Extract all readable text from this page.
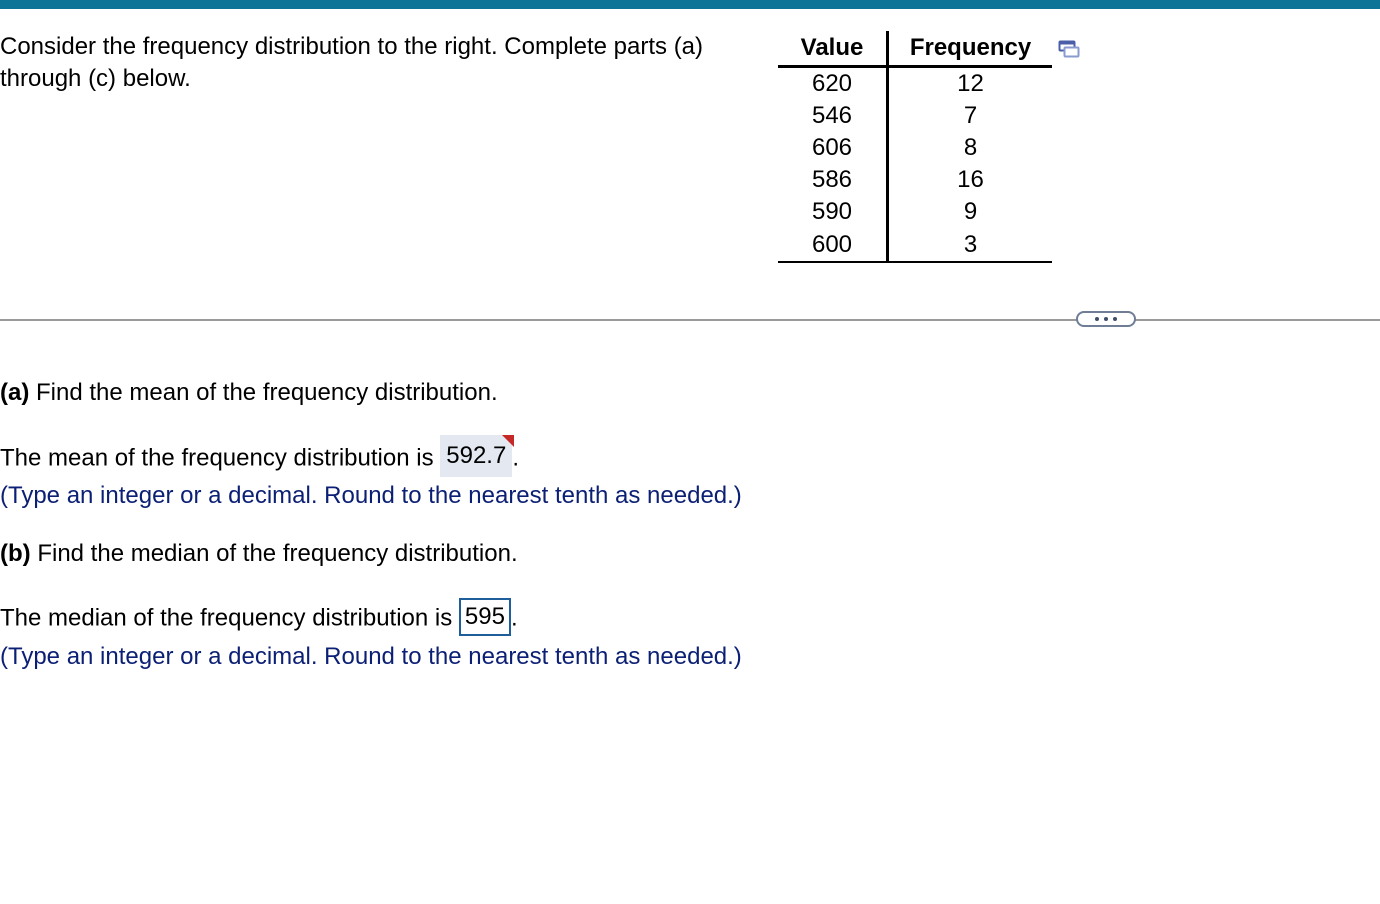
Consider the frequency distribution to the right. Complete parts (a) through (c) below.
Value	Frequency
620	12
546	7
606	8
586	16
590	9
600	3
(a) Find the mean of the frequency distribution.
The mean of the frequency distribution is 592.7 .
(Type an integer or a decimal. Round to the nearest tenth as needed.)
(b) Find the median of the frequency distribution.
The median of the frequency distribution is 595 .
(Type an integer or a decimal. Round to the nearest tenth as needed.)
